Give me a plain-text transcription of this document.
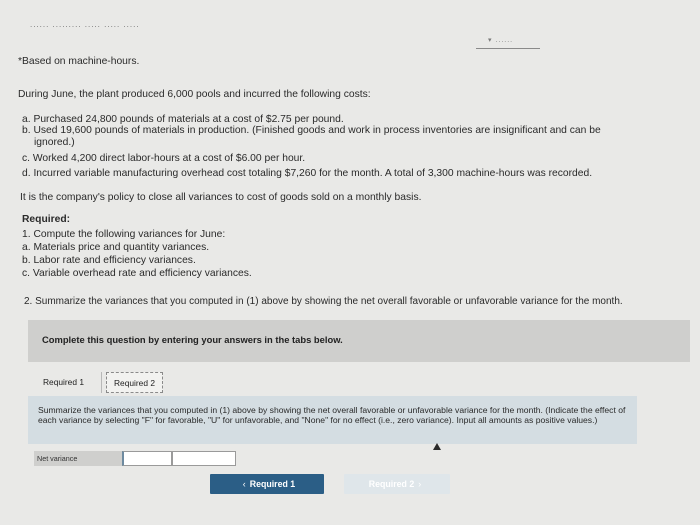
...... ......... ..... ..... .....
▾ ......
*Based on machine-hours.
During June, the plant produced 6,000 pools and incurred the following costs:
a. Purchased 24,800 pounds of materials at a cost of $2.75 per pound.
b. Used 19,600 pounds of materials in production. (Finished goods and work in process inventories are insignificant and can be
ignored.)
c. Worked 4,200 direct labor-hours at a cost of $6.00 per hour.
d. Incurred variable manufacturing overhead cost totaling $7,260 for the month. A total of 3,300 machine-hours was recorded.
It is the company's policy to close all variances to cost of goods sold on a monthly basis.
Required:
1. Compute the following variances for June:
a. Materials price and quantity variances.
b. Labor rate and efficiency variances.
c. Variable overhead rate and efficiency variances.
2. Summarize the variances that you computed in (1) above by showing the net overall favorable or unfavorable variance for the month.
Complete this question by entering your answers in the tabs below.
Required 1	Required 2
Summarize the variances that you computed in (1) above by showing the net overall favorable or unfavorable variance for the month. (Indicate the effect of each variance by selecting "F" for favorable, "U" for unfavorable, and "None" for no effect (i.e., zero variance). Input all amounts as positive values.)
Net variance
‹ Required 1	Required 2 ›
